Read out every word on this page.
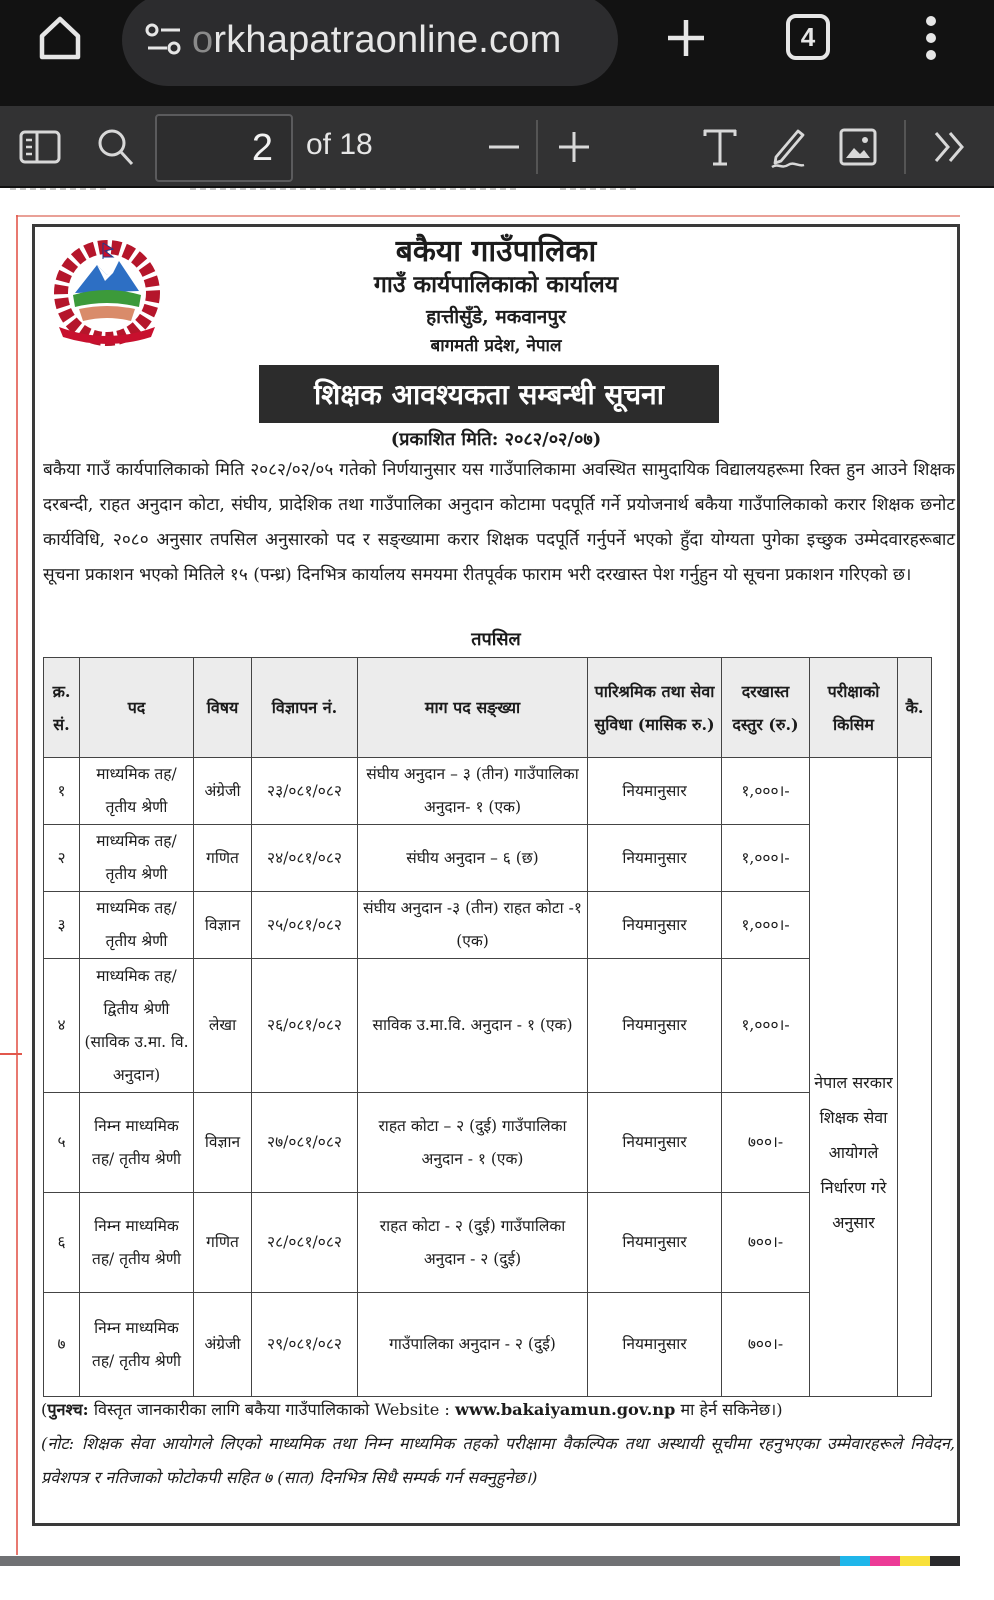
orkhapatraonline.com	4
2	of 18
बकैया गाउँपालिका
गाउँ कार्यपालिकाको कार्यालय
हात्तीसुँडे, मकवानपुर
बागमती प्रदेश, नेपाल
शिक्षक आवश्यकता सम्बन्धी सूचना
(प्रकाशित मिति: २०८२/०२/०७)
बकैया गाउँ कार्यपालिकाको मिति २०८२/०२/०५ गतेको निर्णयानुसार यस गाउँपालिकामा अवस्थित सामुदायिक विद्यालयहरूमा रिक्त हुन आउने शिक्षक दरबन्दी, राहत अनुदान कोटा, संघीय, प्रादेशिक तथा गाउँपालिका अनुदान कोटामा पदपूर्ति गर्ने प्रयोजनार्थ बकैया गाउँपालिकाको करार शिक्षक छनोट कार्यविधि, २०८० अनुसार तपसिल अनुसारको पद र सङ्ख्यामा करार शिक्षक पदपूर्ति गर्नुपर्ने भएको हुँदा योग्यता पुगेका इच्छुक उम्मेदवारहरूबाट सूचना प्रकाशन भएको मितिले १५ (पन्ध्र) दिनभित्र कार्यालय समयमा रीतपूर्वक फाराम भरी दरखास्त पेश गर्नुहुन यो सूचना प्रकाशन गरिएको छ।
तपसिल
क्र. सं.	पद	विषय	विज्ञापन नं.	माग पद सङ्ख्या	पारिश्रमिक तथा सेवा सुविधा (मासिक रु.)	दरखास्त दस्तुर (रु.)	परीक्षाको किसिम	कै.
१	माध्यमिक तह/ तृतीय श्रेणी	अंग्रेजी	२३/०८१/०८२	संघीय अनुदान – ३ (तीन) गाउँपालिका अनुदान- १ (एक)	नियमानुसार	१,०००।-	नेपाल सरकार शिक्षक सेवा आयोगले निर्धारण गरे अनुसार	
२	माध्यमिक तह/ तृतीय श्रेणी	गणित	२४/०८१/०८२	संघीय अनुदान – ६ (छ)	नियमानुसार	१,०००।-		
३	माध्यमिक तह/ तृतीय श्रेणी	विज्ञान	२५/०८१/०८२	संघीय अनुदान -३ (तीन) राहत कोटा -१ (एक)	नियमानुसार	१,०००।-		
४	माध्यमिक तह/ द्वितीय श्रेणी (साविक उ.मा. वि. अनुदान)	लेखा	२६/०८१/०८२	साविक उ.मा.वि. अनुदान - १ (एक)	नियमानुसार	१,०००।-		
५	निम्न माध्यमिक तह/ तृतीय श्रेणी	विज्ञान	२७/०८१/०८२	राहत कोटा – २ (दुई) गाउँपालिका अनुदान - १ (एक)	नियमानुसार	७००।-		
६	निम्न माध्यमिक तह/ तृतीय श्रेणी	गणित	२८/०८१/०८२	राहत कोटा - २ (दुई) गाउँपालिका अनुदान - २ (दुई)	नियमानुसार	७००।-		
७	निम्न माध्यमिक तह/ तृतीय श्रेणी	अंग्रेजी	२९/०८१/०८२	गाउँपालिका अनुदान - २ (दुई)	नियमानुसार	७००।-		
(पुनश्च: विस्तृत जानकारीका लागि बकैया गाउँपालिकाको Website : www.bakaiyamun.gov.np मा हेर्न सकिनेछ।)
(नोट: शिक्षक सेवा आयोगले लिएको माध्यमिक तथा निम्न माध्यमिक तहको परीक्षामा वैकल्पिक तथा अस्थायी सूचीमा रहनुभएका उम्मेवारहरूले निवेदन, प्रवेशपत्र र नतिजाको फोटोकपी सहित ७ (सात) दिनभित्र सिधै सम्पर्क गर्न सक्नुहुनेछ।)
